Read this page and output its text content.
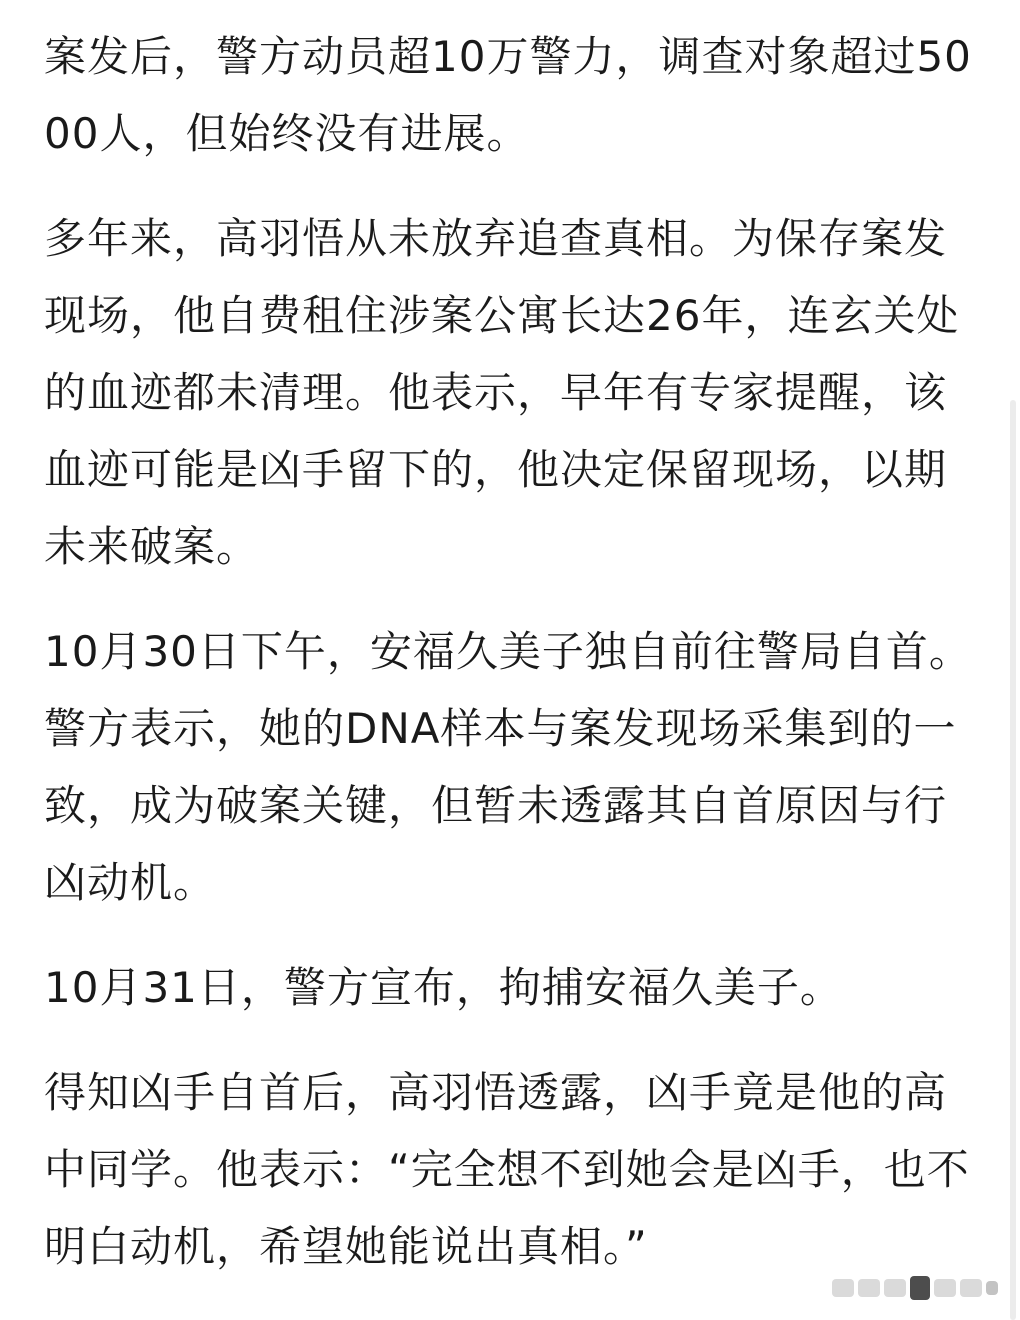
案发后，警方动员超10万警力，调查对象超过5000人，但始终没有进展。

多年来，高羽悟从未放弃追查真相。为保存案发现场，他自费租住涉案公寓长达26年，连玄关处的血迹都未清理。他表示，早年有专家提醒，该血迹可能是凶手留下的，他决定保留现场，以期未来破案。

10月30日下午，安福久美子独自前往警局自首。警方表示，她的DNA样本与案发现场采集到的一致，成为破案关键，但暂未透露其自首原因与行凶动机。

10月31日，警方宣布，拘捕安福久美子。

得知凶手自首后，高羽悟透露，凶手竟是他的高中同学。他表示：“完全想不到她会是凶手，也不明白动机，希望她能说出真相。”
